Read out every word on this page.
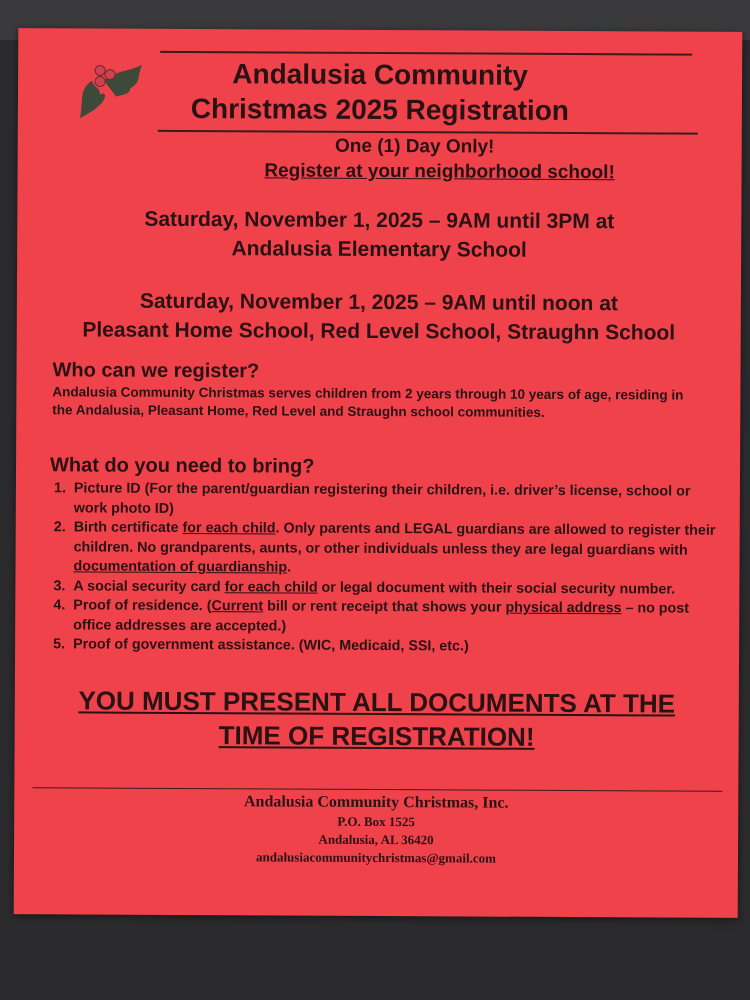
Andalusia Community
Christmas 2025 Registration
One (1) Day Only!
Register at your neighborhood school!
Saturday, November 1, 2025 – 9AM until 3PM at
Andalusia Elementary School
Saturday, November 1, 2025 – 9AM until noon at
Pleasant Home School, Red Level School, Straughn School
Who can we register?
Andalusia Community Christmas serves children from 2 years through 10 years of age, residing in the Andalusia, Pleasant Home, Red Level and Straughn school communities.
What do you need to bring?
1. Picture ID (For the parent/guardian registering their children, i.e. driver’s license, school or work photo ID)
2. Birth certificate for each child. Only parents and LEGAL guardians are allowed to register their children. No grandparents, aunts, or other individuals unless they are legal guardians with documentation of guardianship.
3. A social security card for each child or legal document with their social security number.
4. Proof of residence. (Current bill or rent receipt that shows your physical address – no post office addresses are accepted.)
5. Proof of government assistance. (WIC, Medicaid, SSI, etc.)
YOU MUST PRESENT ALL DOCUMENTS AT THE
TIME OF REGISTRATION!
Andalusia Community Christmas, Inc.
P.O. Box 1525
Andalusia, AL 36420
andalusiacommunitychristmas@gmail.com
